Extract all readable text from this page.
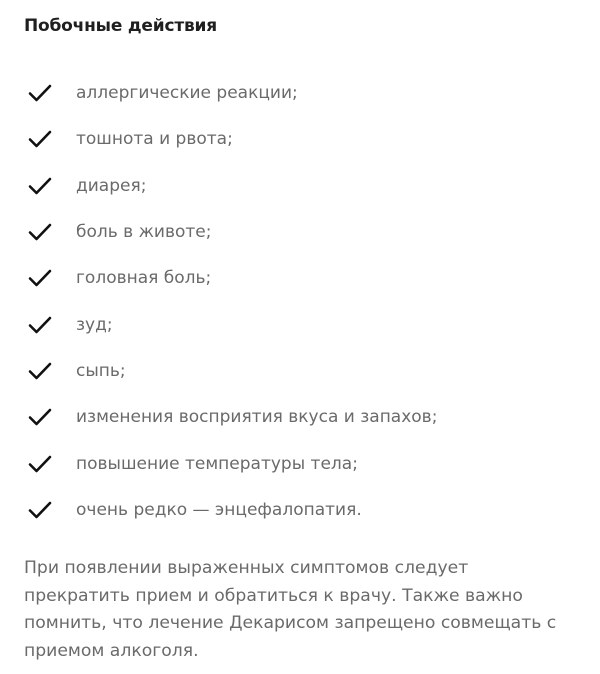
Побочные действия
аллергические реакции;
тошнота и рвота;
диарея;
боль в животе;
головная боль;
зуд;
сыпь;
изменения восприятия вкуса и запахов;
повышение температуры тела;
очень редко — энцефалопатия.

При появлении выраженных симптомов следует прекратить прием и обратиться к врачу. Также важно помнить, что лечение Декарисом запрещено совмещать с приемом алкоголя.
